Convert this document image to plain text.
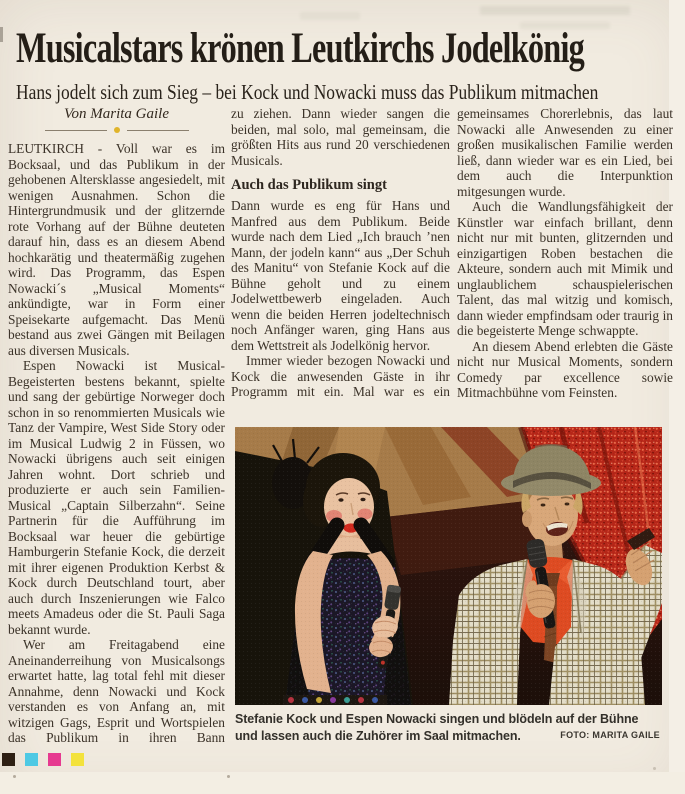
Musicalstars krönen Leutkirchs Jodelkönig
Hans jodelt sich zum Sieg – bei Kock und Nowacki muss das Publikum mitmachen
Von Marita Gaile

LEUTKIRCH - Voll war es im Bocksaal, und das Publikum in der gehobenen Altersklasse angesiedelt, mit wenigen Ausnahmen. Schon die Hintergrundmusik und der glitzernde rote Vorhang auf der Bühne deuteten darauf hin, dass es an diesem Abend hochkarätig und theatermäßig zugehen wird. Das Programm, das Espen Nowacki´s „Musical Moments“ ankündigte, war in Form einer Speisekarte aufgemacht. Das Menü bestand aus zwei Gängen mit Beilagen aus diversen Musicals.

Espen Nowacki ist Musical-Begeisterten bestens bekannt, spielte und sang der gebürtige Norweger doch schon in so renommierten Musicals wie Tanz der Vampire, West Side Story oder im Musical Ludwig 2 in Füssen, wo Nowacki übrigens auch seit einigen Jahren wohnt. Dort schrieb und produzierte er auch sein Familien-Musical „Captain Silberzahn“. Seine Partnerin für die Aufführung im Bocksaal war heuer die gebürtige Hamburgerin Stefanie Kock, die derzeit mit ihrer eigenen Produktion Kerbst & Kock durch Deutschland tourt, aber auch durch Inszenierungen wie Falco meets Amadeus oder die St. Pauli Saga bekannt wurde.

Wer am Freitagabend eine Aneinanderreihung von Musicalsongs erwartet hatte, lag total fehl mit dieser Annahme, denn Nowacki und Kock verstanden es von Anfang an, mit witzigen Gags, Esprit und Wortspielen das Publikum in ihren Bann

zu ziehen. Dann wieder sangen die beiden, mal solo, mal gemeinsam, die größten Hits aus rund 20 verschiedenen Musicals.

Auch das Publikum singt

Dann wurde es eng für Hans und Manfred aus dem Publikum. Beide wurde nach dem Lied „Ich brauch ’nen Mann, der jodeln kann“ aus „Der Schuh des Manitu“ von Stefanie Kock auf die Bühne geholt und zu einem Jodelwettbewerb eingeladen. Auch wenn die beiden Herren jodeltechnisch noch Anfänger waren, ging Hans aus dem Wettstreit als Jodelkönig hervor.

Immer wieder bezogen Nowacki und Kock die anwesenden Gäste in ihr Programm mit ein. Mal war es ein

gemeinsames Chorerlebnis, das laut Nowacki alle Anwesenden zu einer großen musikalischen Familie werden ließ, dann wieder war es ein Lied, bei dem auch die Interpunktion mitgesungen wurde.

Auch die Wandlungsfähigkeit der Künstler war einfach brillant, denn nicht nur mit bunten, glitzernden und einzigartigen Roben bestachen die Akteure, sondern auch mit Mimik und unglaublichem schauspielerischen Talent, das mal witzig und komisch, dann wieder empfindsam oder traurig in die begeisterte Menge schwappte.

An diesem Abend erlebten die Gäste nicht nur Musical Moments, sondern Comedy par excellence sowie Mitmachbühne vom Feinsten.

Stefanie Kock und Espen Nowacki singen und blödeln auf der Bühne und lassen auch die Zuhörer im Saal mitmachen.	FOTO: MARITA GAILE
